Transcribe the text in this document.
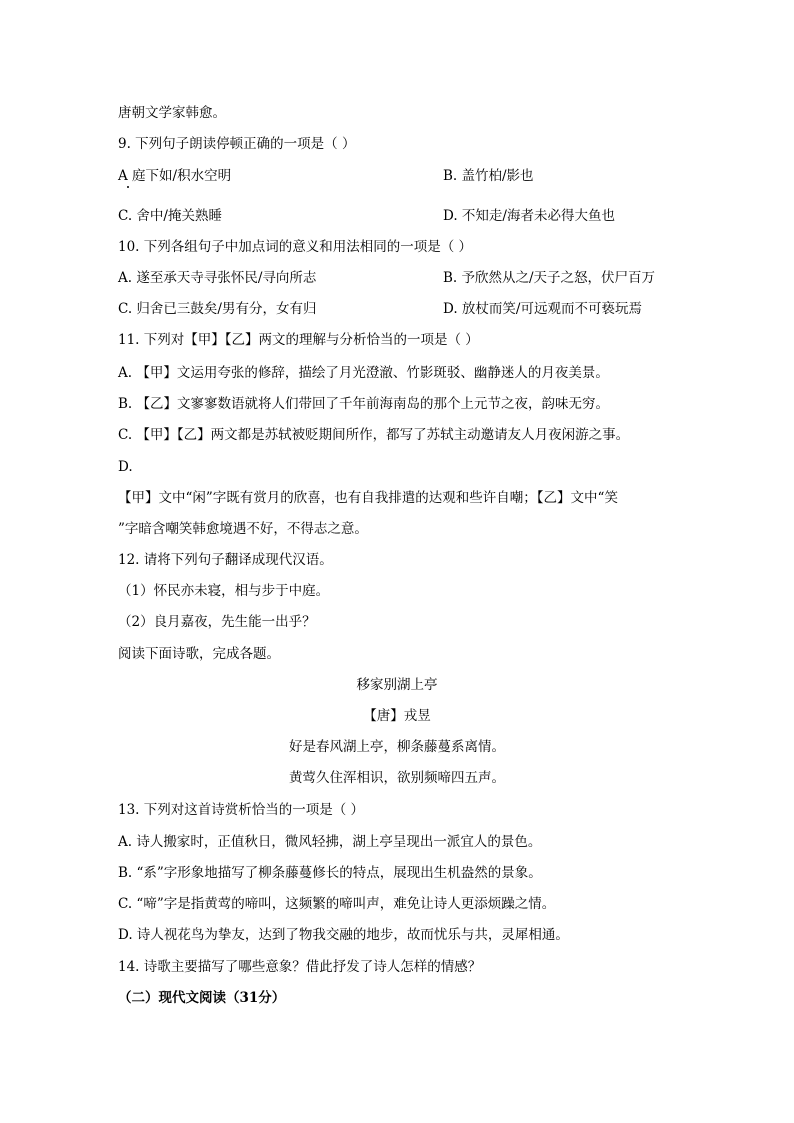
唐朝文学家韩愈。
9. 下列句子朗读停顿正确的一项是（ ）
A 庭下如/积水空明	B. 盖竹柏/影也
C. 舍中/掩关熟睡	D. 不知走/海者未必得大鱼也
10. 下列各组句子中加点词的意义和用法相同的一项是（ ）
A. 遂至承天寺寻张怀民/寻向所志	B. 予欣然从之/天子之怒，伏尸百万
C. 归舍已三鼓矣/男有分，女有归	D. 放杖而笑/可远观而不可亵玩焉
11. 下列对【甲】【乙】两文的理解与分析恰当的一项是（ ）
A. 【甲】文运用夸张的修辞，描绘了月光澄澈、竹影斑驳、幽静迷人的月夜美景。
B. 【乙】文寥寥数语就将人们带回了千年前海南岛的那个上元节之夜，韵味无穷。
C. 【甲】【乙】两文都是苏轼被贬期间所作，都写了苏轼主动邀请友人月夜闲游之事。
D.
【甲】文中“闲”字既有赏月的欣喜，也有自我排遣的达观和些许自嘲；【乙】文中“笑
”字暗含嘲笑韩愈境遇不好，不得志之意。
12. 请将下列句子翻译成现代汉语。
（1）怀民亦未寝，相与步于中庭。
（2）良月嘉夜，先生能一出乎？
阅读下面诗歌，完成各题。
移家别湖上亭
【唐】戎昱
好是春风湖上亭，柳条藤蔓系离情。
黄莺久住浑相识，欲别频啼四五声。
13. 下列对这首诗赏析恰当的一项是（ ）
A. 诗人搬家时，正值秋日，微风轻拂，湖上亭呈现出一派宜人的景色。
B. “系”字形象地描写了柳条藤蔓修长的特点，展现出生机盎然的景象。
C. “啼”字是指黄莺的啼叫，这频繁的啼叫声，难免让诗人更添烦躁之情。
D. 诗人视花鸟为挚友，达到了物我交融的地步，故而忧乐与共，灵犀相通。
14. 诗歌主要描写了哪些意象？借此抒发了诗人怎样的情感？
（二）现代文阅读（31分）
